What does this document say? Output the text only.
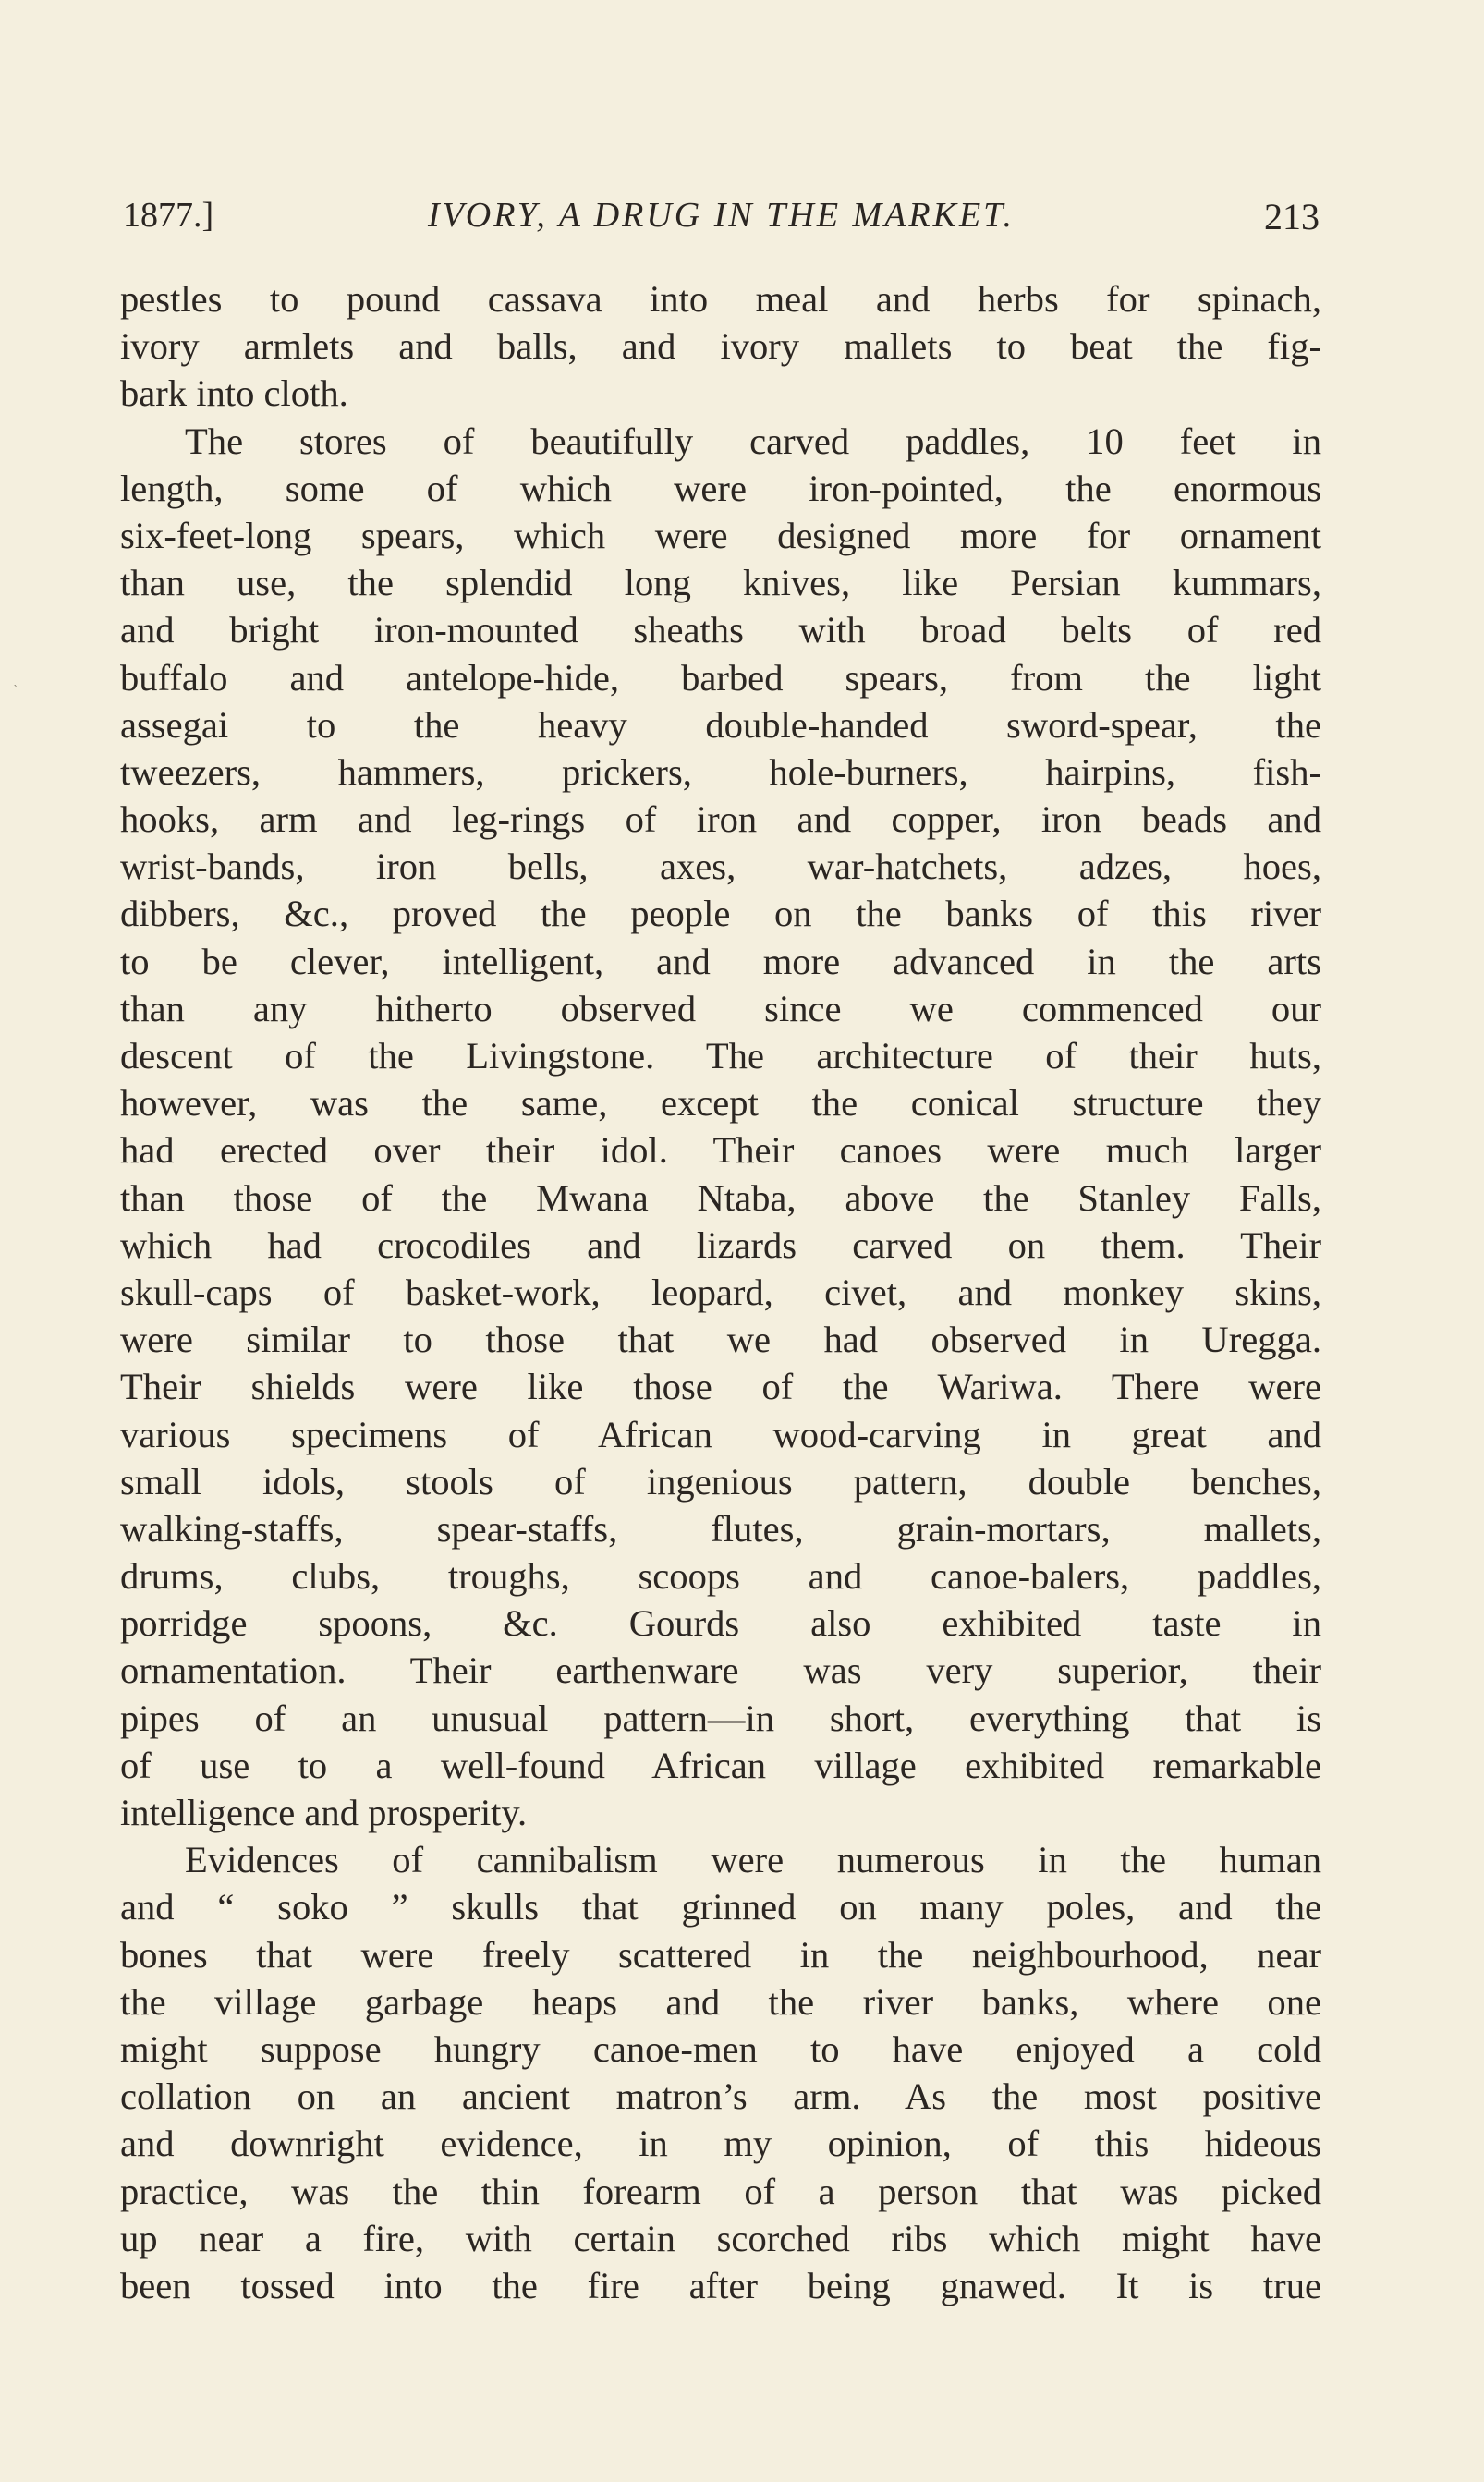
1877.]	IVORY, A DRUG IN THE MARKET.	213
`
pestles to pound cassava into meal and herbs for spinach,
ivory armlets and balls, and ivory mallets to beat the fig-
bark into cloth.
The stores of beautifully carved paddles, 10 feet in
length, some of which were iron-pointed, the enormous
six-feet-long spears, which were designed more for ornament
than use, the splendid long knives, like Persian kummars,
and bright iron-mounted sheaths with broad belts of red
buffalo and antelope-hide, barbed spears, from the light
assegai to the heavy double-handed sword-spear, the
tweezers, hammers, prickers, hole-burners, hairpins, fish-
hooks, arm and leg-rings of iron and copper, iron beads and
wrist-bands, iron bells, axes, war-hatchets, adzes, hoes,
dibbers, &c., proved the people on the banks of this river
to be clever, intelligent, and more advanced in the arts
than any hitherto observed since we commenced our
descent of the Livingstone. The architecture of their huts,
however, was the same, except the conical structure they
had erected over their idol. Their canoes were much larger
than those of the Mwana Ntaba, above the Stanley Falls,
which had crocodiles and lizards carved on them. Their
skull-caps of basket-work, leopard, civet, and monkey skins,
were similar to those that we had observed in Uregga.
Their shields were like those of the Wariwa. There were
various specimens of African wood-carving in great and
small idols, stools of ingenious pattern, double benches,
walking-staffs, spear-staffs, flutes, grain-mortars, mallets,
drums, clubs, troughs, scoops and canoe-balers, paddles,
porridge spoons, &c. Gourds also exhibited taste in
ornamentation. Their earthenware was very superior, their
pipes of an unusual pattern—in short, everything that is
of use to a well-found African village exhibited remarkable
intelligence and prosperity.
Evidences of cannibalism were numerous in the human
and “ soko ” skulls that grinned on many poles, and the
bones that were freely scattered in the neighbourhood, near
the village garbage heaps and the river banks, where one
might suppose hungry canoe-men to have enjoyed a cold
collation on an ancient matron’s arm. As the most positive
and downright evidence, in my opinion, of this hideous
practice, was the thin forearm of a person that was picked
up near a fire, with certain scorched ribs which might have
been tossed into the fire after being gnawed. It is true
